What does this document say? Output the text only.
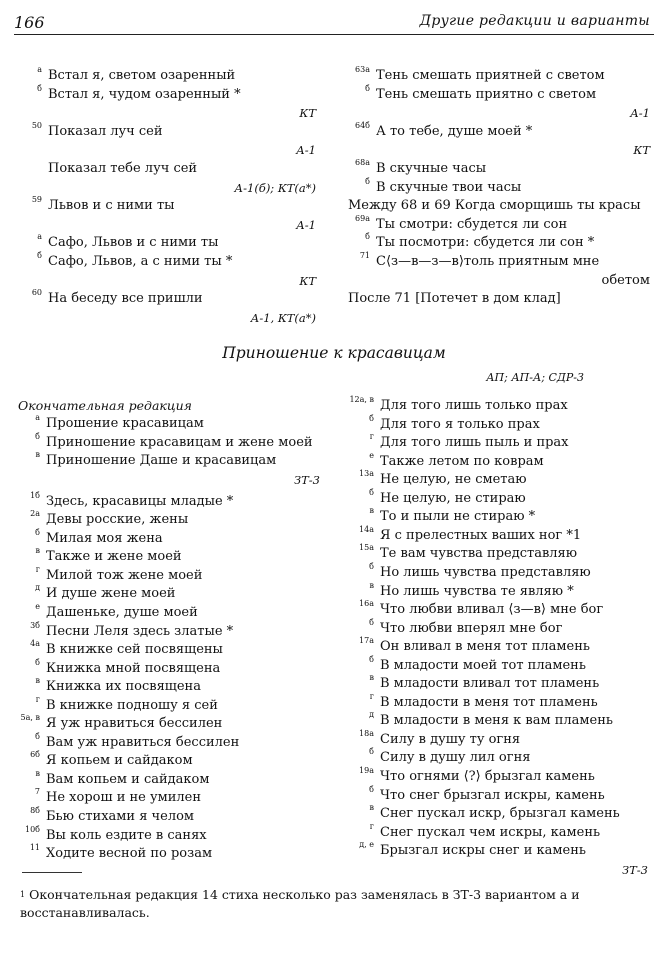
166	Другие редакции и варианты
Приношение к красавицам
АП; АП-А; СДР-3
Окончательная редакция
$^1$ Окончательная редакция 14 стиха несколько раз заменялась в ЗТ-3 вариантом а и восстанавливалась.
а Встал я, светом озаренный
б Встал я, чудом озаренный *
КТ
50 Показал луч сей
А-1
Показал тебе луч сей
А-1(б); КТ(а*)
59 Львов и с ними ты
А-1
а Сафо, Львов и с ними ты
б Сафо, Львов, а с ними ты *
КТ
60 На беседу все пришли
А-1, КТ(а*)
63а Тень смешать приятней с светом
б Тень смешать приятно с светом
А-1
64б А то тебе, душе моей *
КТ
68а В скучные часы
б В скучные твои часы
Между 68 и 69 Когда сморщишь ты красы
69а Ты смотри: сбудется ли сон
б Ты посмотри: сбудется ли сон *
71 С⟨з—в—з—в⟩толь приятным мне
обетом
После 71 [Потечет в дом клад]
а Прошение красавицам
б Приношение красавицам и жене моей
в Приношение Даше и красавицам
ЗТ-3
1б Здесь, красавицы младые *
2а Девы росские, жены
б Милая моя жена
в Также и жене моей
г Милой тож жене моей
д И душе жене моей
е Дашеньке, душе моей
3б Песни Леля здесь златые *
4а В книжке сей посвящены
б Книжка мной посвящена
в Книжка их посвящена
г В книжке подношу я сей
5а, в Я уж нравиться бессилен
б Вам уж нравиться бессилен
6б Я копьем и сайдаком
в Вам копьем и сайдаком
7 Не хорош и не умилен
8б Бью стихами я челом
10б Вы коль ездите в санях
11 Ходите весной по розам
12а, в Для того лишь только прах
б Для того я только прах
г Для того лишь пыль и прах
е Также летом по коврам
13а Не целую, не сметаю
б Не целую, не стираю
в То и пыли не стираю *
14а Я с прелестных ваших ног *1
15а Те вам чувства представляю
б Но лишь чувства представляю
в Но лишь чувства те являю *
16а Что любви вливал ⟨з—в⟩ мне бог
б Что любви вперял мне бог
17а Он вливал в меня тот пламень
б В младости моей тот пламень
в В младости вливал тот пламень
г В младости в меня тот пламень
д В младости в меня к вам пламень
18а Силу в душу ту огня
б Силу в душу лил огня
19а Что огнями ⟨?⟩ брызгал камень
б Что снег брызгал искры, камень
в Снег пускал искр, брызгал камень
г Снег пускал чем искры, камень
д, е Брызгал искры снег и камень
ЗТ-3
